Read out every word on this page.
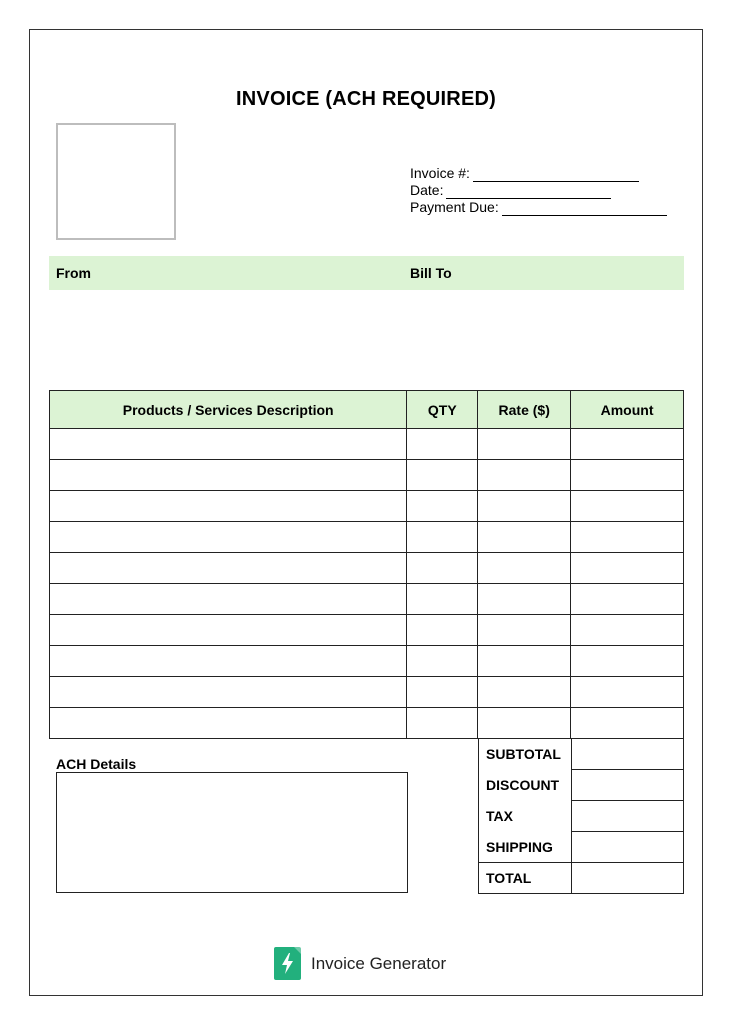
INVOICE (ACH REQUIRED)
Invoice #:
Date:
Payment Due:
From	Bill To
Products / Services Description	QTY	Rate ($)	Amount

ACH Details
SUBTOTAL	
DISCOUNT	
TAX	
SHIPPING	
TOTAL	
Invoice Generator
